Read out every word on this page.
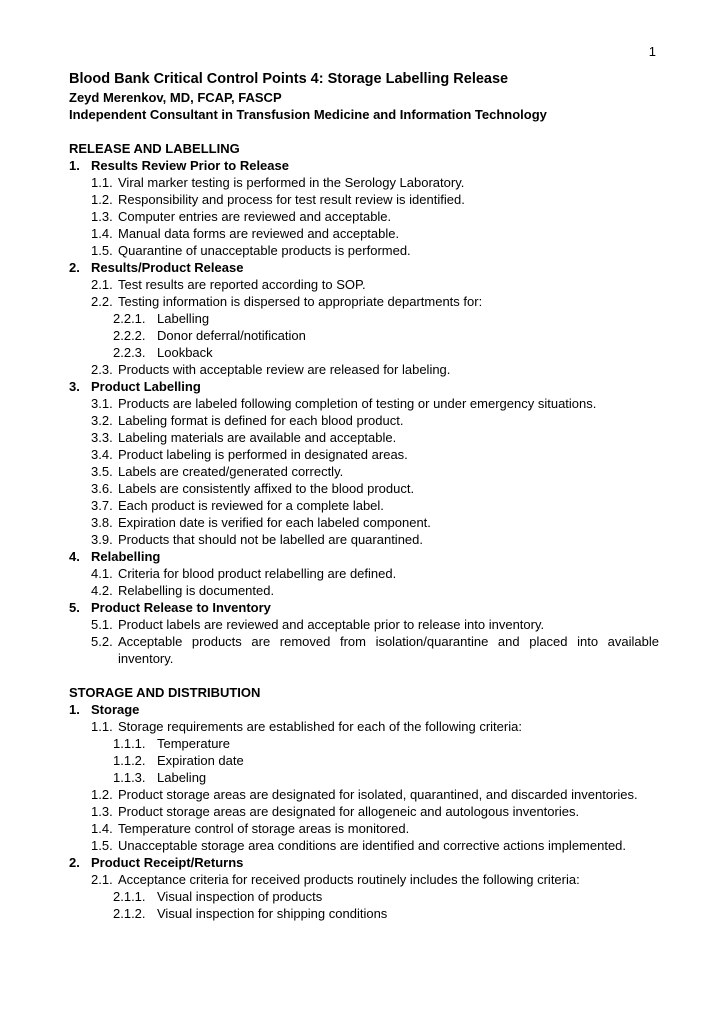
1

Blood Bank Critical Control Points 4: Storage Labelling Release

Zeyd Merenkov, MD, FCAP, FASCP

Independent Consultant in Transfusion Medicine and Information Technology

RELEASE AND LABELLING
1. Results Review Prior to Release
1.1. Viral marker testing is performed in the Serology Laboratory.
1.2. Responsibility and process for test result review is identified.
1.3. Computer entries are reviewed and acceptable.
1.4. Manual data forms are reviewed and acceptable.
1.5. Quarantine of unacceptable products is performed.
2. Results/Product Release
2.1. Test results are reported according to SOP.
2.2. Testing information is dispersed to appropriate departments for:
2.2.1. Labelling
2.2.2. Donor deferral/notification
2.2.3. Lookback
2.3. Products with acceptable review are released for labeling.
3. Product Labelling
3.1. Products are labeled following completion of testing or under emergency situations.
3.2. Labeling format is defined for each blood product.
3.3. Labeling materials are available and acceptable.
3.4. Product labeling is performed in designated areas.
3.5. Labels are created/generated correctly.
3.6. Labels are consistently affixed to the blood product.
3.7. Each product is reviewed for a complete label.
3.8. Expiration date is verified for each labeled component.
3.9. Products that should not be labelled are quarantined.
4. Relabelling
4.1. Criteria for blood product relabelling are defined.
4.2. Relabelling is documented.
5. Product Release to Inventory
5.1. Product labels are reviewed and acceptable prior to release into inventory.
5.2. Acceptable products are removed from isolation/quarantine and placed into available inventory.
STORAGE AND DISTRIBUTION
1. Storage
1.1. Storage requirements are established for each of the following criteria:
1.1.1. Temperature
1.1.2. Expiration date
1.1.3. Labeling
1.2. Product storage areas are designated for isolated, quarantined, and discarded inventories.
1.3. Product storage areas are designated for allogeneic and autologous inventories.
1.4. Temperature control of storage areas is monitored.
1.5. Unacceptable storage area conditions are identified and corrective actions implemented.
2. Product Receipt/Returns
2.1. Acceptance criteria for received products routinely includes the following criteria:
2.1.1. Visual inspection of products
2.1.2. Visual inspection for shipping conditions
